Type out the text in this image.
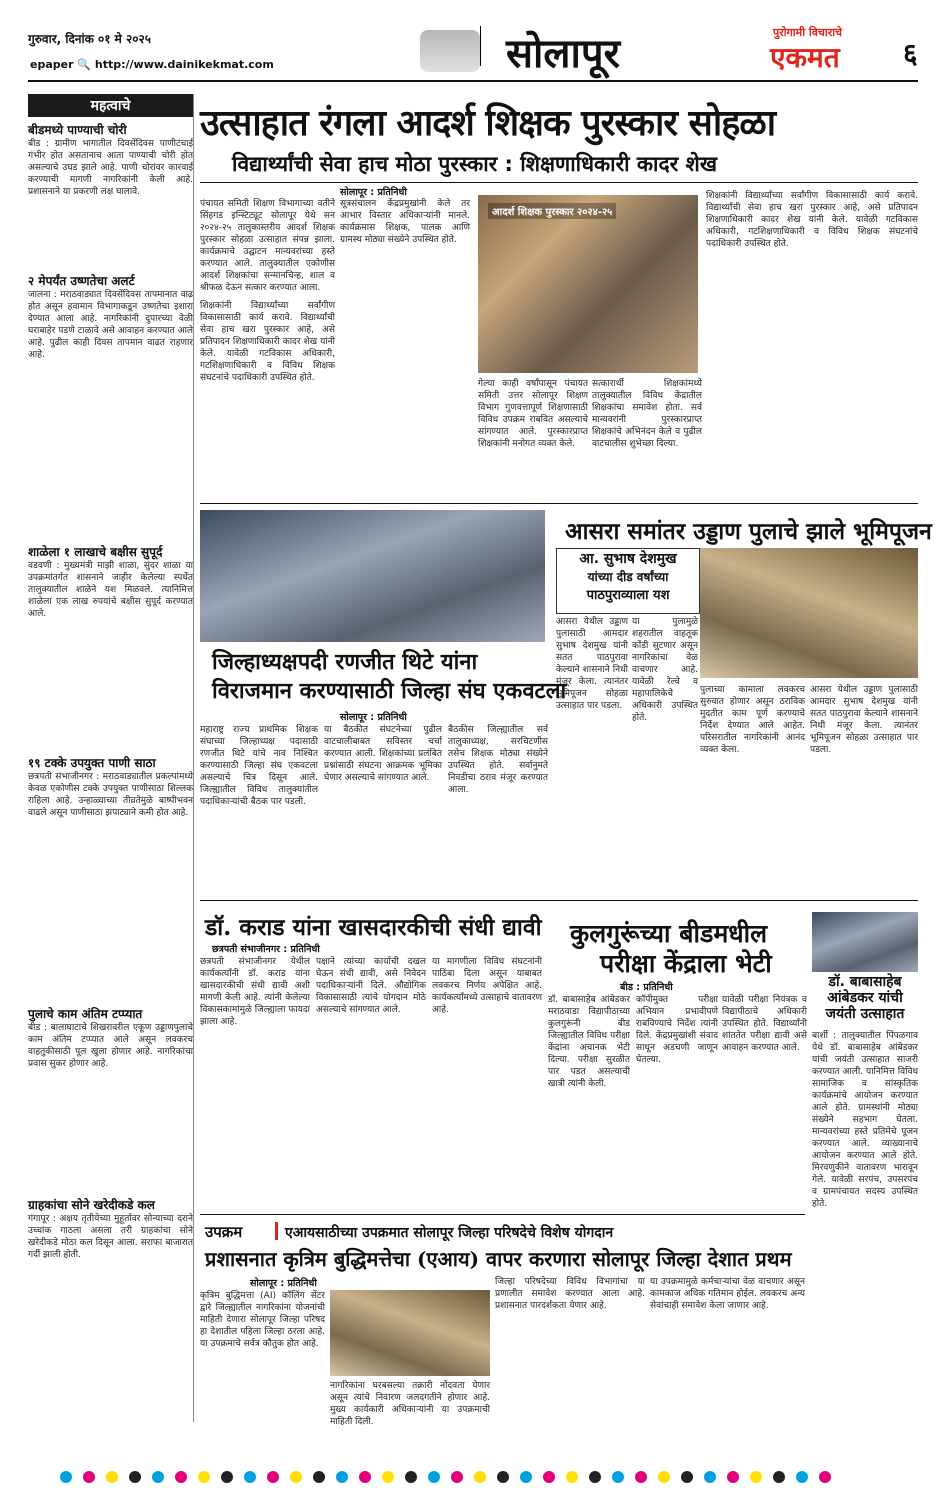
गुरुवार, दिनांक ०१ मे २०२५
epaper 🔍 http://www.dainikekmat.com	सोलापूर	पुरोगामी विचाराचे
एकमत ६
महत्वाचे
बीडमध्ये पाण्याची चोरी
बीड : ग्रामीण भागातील दिवसेंदिवस पाणीटंचाई गंभीर होत असतानाच आता पाण्याची चोरी होत असल्याचे उघड झाले आहे. पाणी चोरांवर कारवाई करण्याची मागणी नागरिकांनी केली आहे. प्रशासनाने या प्रकरणी लक्ष घालावे.
२ मेपर्यंत उष्णतेचा अलर्ट
जालना : मराठवाड्यात दिवसेंदिवस तापमानात वाढ होत असून हवामान विभागाकडून उष्णतेचा इशारा देण्यात आला आहे. नागरिकांनी दुपारच्या वेळी घराबाहेर पडणे टाळावे असे आवाहन करण्यात आले आहे. पुढील काही दिवस तापमान वाढत राहणार आहे.
शाळेला १ लाखाचे बक्षीस सुपूर्द
वडवणी : मुख्यमंत्री माझी शाळा, सुंदर शाळा या उपक्रमांतर्गत शासनाने जाहीर केलेल्या स्पर्धेत तालुक्यातील शाळेने यश मिळवले. त्यानिमित्त शाळेला एक लाख रुपयांचे बक्षीस सुपूर्द करण्यात आले.
१९ टक्के उपयुक्त पाणी साठा
छत्रपती संभाजीनगर : मराठवाड्यातील प्रकल्पांमध्ये केवळ एकोणीस टक्के उपयुक्त पाणीसाठा शिल्लक राहिला आहे. उन्हाळ्याच्या तीव्रतेमुळे बाष्पीभवन वाढले असून पाणीसाठा झपाट्याने कमी होत आहे.
पुलाचे काम अंतिम टप्प्यात
बीड : बालाघाटाचे शिखरावरील एकूण उड्डाणपुलाचे काम अंतिम टप्प्यात आले असून लवकरच वाहतुकीसाठी पूल खुला होणार आहे. नागरिकांचा प्रवास सुकर होणार आहे.
ग्राहकांचा सोने खरेदीकडे कल
गंगापूर : अक्षय तृतीयेच्या मुहूर्तावर सोन्याच्या दराने उच्चांक गाठला असला तरी ग्राहकांचा सोने खरेदीकडे मोठा कल दिसून आला. सराफा बाजारात गर्दी झाली होती.
उत्साहात रंगला आदर्श शिक्षक पुरस्कार सोहळा
विद्यार्थ्यांची सेवा हाच मोठा पुरस्कार : शिक्षणाधिकारी कादर शेख
सोलापूर : प्रतिनिधी
पंचायत समिती शिक्षण विभागाच्या वतीने सिंहगड इन्स्टिट्यूट सोलापूर येथे सन २०२४-२५ तालुकास्तरीय आदर्श शिक्षक पुरस्कार सोहळा उत्साहात संपन्न झाला. कार्यक्रमाचे उद्घाटन मान्यवरांच्या हस्ते करण्यात आले. तालुक्यातील एकोणीस आदर्श शिक्षकांचा सन्मानचिन्ह, शाल व श्रीफळ देऊन सत्कार करण्यात आला.
शिक्षकांनी विद्यार्थ्यांच्या सर्वांगीण विकासासाठी कार्य करावे. विद्यार्थ्यांची सेवा हाच खरा पुरस्कार आहे, असे प्रतिपादन शिक्षणाधिकारी कादर शेख यांनी केले. यावेळी गटविकास अधिकारी, गटशिक्षणाधिकारी व विविध शिक्षक संघटनांचे पदाधिकारी उपस्थित होते.
सूत्रसंचालन केंद्रप्रमुखांनी केले तर आभार विस्तार अधिकाऱ्यांनी मानले. कार्यक्रमास शिक्षक, पालक आणि ग्रामस्थ मोठ्या संख्येने उपस्थित होते.
आदर्श शिक्षक पुरस्कार २०२४-२५
गेल्या काही वर्षांपासून पंचायत समिती उत्तर सोलापूर शिक्षण विभाग गुणवत्तापूर्ण शिक्षणासाठी विविध उपक्रम राबवित असल्याचे सांगण्यात आले. पुरस्कारप्राप्त शिक्षकांनी मनोगत व्यक्त केले.
सत्कारार्थी शिक्षकांमध्ये तालुक्यातील विविध केंद्रातील शिक्षकांचा समावेश होता. सर्व मान्यवरांनी पुरस्कारप्राप्त शिक्षकांचे अभिनंदन केले व पुढील वाटचालीस शुभेच्छा दिल्या.
शिक्षकांनी विद्यार्थ्यांच्या सर्वांगीण विकासासाठी कार्य करावे. विद्यार्थ्यांची सेवा हाच खरा पुरस्कार आहे, असे प्रतिपादन शिक्षणाधिकारी कादर शेख यांनी केले. यावेळी गटविकास अधिकारी, गटशिक्षणाधिकारी व विविध शिक्षक संघटनांचे पदाधिकारी उपस्थित होते.
जिल्हाध्यक्षपदी रणजीत थिटे यांना
विराजमान करण्यासाठी जिल्हा संघ एकवटला
सोलापूर : प्रतिनिधी
महाराष्ट्र राज्य प्राथमिक शिक्षक संघाच्या जिल्हाध्यक्ष पदासाठी रणजीत थिटे यांचे नाव निश्चित करण्यासाठी जिल्हा संघ एकवटला असल्याचे चित्र दिसून आले. जिल्ह्यातील विविध तालुक्यांतील पदाधिकाऱ्यांची बैठक पार पडली.
या बैठकीत संघटनेच्या पुढील वाटचालीबाबत सविस्तर चर्चा करण्यात आली. शिक्षकांच्या प्रलंबित प्रश्नांसाठी संघटना आक्रमक भूमिका घेणार असल्याचे सांगण्यात आले.
बैठकीस जिल्ह्यातील सर्व तालुकाध्यक्ष, सरचिटणीस तसेच शिक्षक मोठ्या संख्येने उपस्थित होते. सर्वानुमते निवडीचा ठराव मंजूर करण्यात आला.
आसरा समांतर उड्डाण पुलाचे झाले भूमिपूजन
आ. सुभाष देशमुख
यांच्या दीड वर्षांच्या
पाठपुराव्याला यश
आसरा येथील उड्डाण पुलासाठी आमदार सुभाष देशमुख यांनी सतत पाठपुरावा केल्याने शासनाने निधी मंजूर केला. त्यानंतर भूमिपूजन सोहळा उत्साहात पार पडला.
या पुलामुळे शहरातील वाहतूक कोंडी सुटणार असून नागरिकांचा वेळ वाचणार आहे. यावेळी रेल्वे व महापालिकेचे अधिकारी उपस्थित होते.
पुलाच्या कामाला लवकरच सुरुवात होणार असून ठराविक मुदतीत काम पूर्ण करण्याचे निर्देश देण्यात आले आहेत. परिसरातील नागरिकांनी आनंद व्यक्त केला.
आसरा येथील उड्डाण पुलासाठी आमदार सुभाष देशमुख यांनी सतत पाठपुरावा केल्याने शासनाने निधी मंजूर केला. त्यानंतर भूमिपूजन सोहळा उत्साहात पार पडला.
डॉ. कराड यांना खासदारकीची संधी द्यावी
छत्रपती संभाजीनगर : प्रतिनिधी
छत्रपती संभाजीनगर येथील कार्यकर्त्यांनी डॉ. कराड यांना खासदारकीची संधी द्यावी अशी मागणी केली आहे. त्यांनी केलेल्या विकासकामांमुळे जिल्ह्याला फायदा झाला आहे.
पक्षाने त्यांच्या कार्याची दखल घेऊन संधी द्यावी, असे निवेदन पदाधिकाऱ्यांनी दिले. औद्योगिक विकासासाठी त्यांचे योगदान मोठे असल्याचे सांगण्यात आले.
या मागणीला विविध संघटनांनी पाठिंबा दिला असून याबाबत लवकरच निर्णय अपेक्षित आहे. कार्यकर्त्यांमध्ये उत्साहाचे वातावरण आहे.
कुलगुरूंच्या बीडमधील
परीक्षा केंद्राला भेटी
बीड : प्रतिनिधी
डॉ. बाबासाहेब आंबेडकर मराठवाडा विद्यापीठाच्या कुलगुरूंनी बीड जिल्ह्यातील विविध परीक्षा केंद्रांना अचानक भेटी दिल्या. परीक्षा सुरळीत पार पडत असल्याची खात्री त्यांनी केली.
कॉपीमुक्त परीक्षा अभियान प्रभावीपणे राबविण्याचे निर्देश त्यांनी दिले. केंद्रप्रमुखांशी संवाद साधून अडचणी जाणून घेतल्या.
यावेळी परीक्षा नियंत्रक व विद्यापीठाचे अधिकारी उपस्थित होते. विद्यार्थ्यांनी शांततेत परीक्षा द्यावी असे आवाहन करण्यात आले.
डॉ. बाबासाहेब
आंबेडकर यांची
जयंती उत्साहात
बार्शी : तालुक्यातील पिंपळगाव येथे डॉ. बाबासाहेब आंबेडकर यांची जयंती उत्साहात साजरी करण्यात आली. यानिमित्त विविध सामाजिक व सांस्कृतिक कार्यक्रमांचे आयोजन करण्यात आले होते. ग्रामस्थांनी मोठ्या संख्येने सहभाग घेतला. मान्यवरांच्या हस्ते प्रतिमेचे पूजन करण्यात आले. व्याख्यानाचे आयोजन करण्यात आले होते. मिरवणुकीने वातावरण भारावून गेले. यावेळी सरपंच, उपसरपंच व ग्रामपंचायत सदस्य उपस्थित होते.
उपक्रम	एआयसाठीच्या उपक्रमात सोलापूर जिल्हा परिषदेचे विशेष योगदान
प्रशासनात कृत्रिम बुद्धिमत्तेचा (एआय) वापर करणारा सोलापूर जिल्हा देशात प्रथम
सोलापूर : प्रतिनिधी
कृत्रिम बुद्धिमत्ता (AI) कॉलिंग सेंटर द्वारे जिल्ह्यातील नागरिकांना योजनांची माहिती देणारा सोलापूर जिल्हा परिषद हा देशातील पहिला जिल्हा ठरला आहे. या उपक्रमाचे सर्वत्र कौतुक होत आहे.
नागरिकांना घरबसल्या तक्रारी नोंदवता येणार असून त्यांचे निवारण जलदगतीने होणार आहे. मुख्य कार्यकारी अधिकाऱ्यांनी या उपक्रमाची माहिती दिली.
जिल्हा परिषदेच्या विविध विभागांचा या प्रणालीत समावेश करण्यात आला आहे. प्रशासनात पारदर्शकता येणार आहे.
या उपक्रमामुळे कर्मचाऱ्यांचा वेळ वाचणार असून कामकाज अधिक गतिमान होईल. लवकरच अन्य सेवांचाही समावेश केला जाणार आहे.
